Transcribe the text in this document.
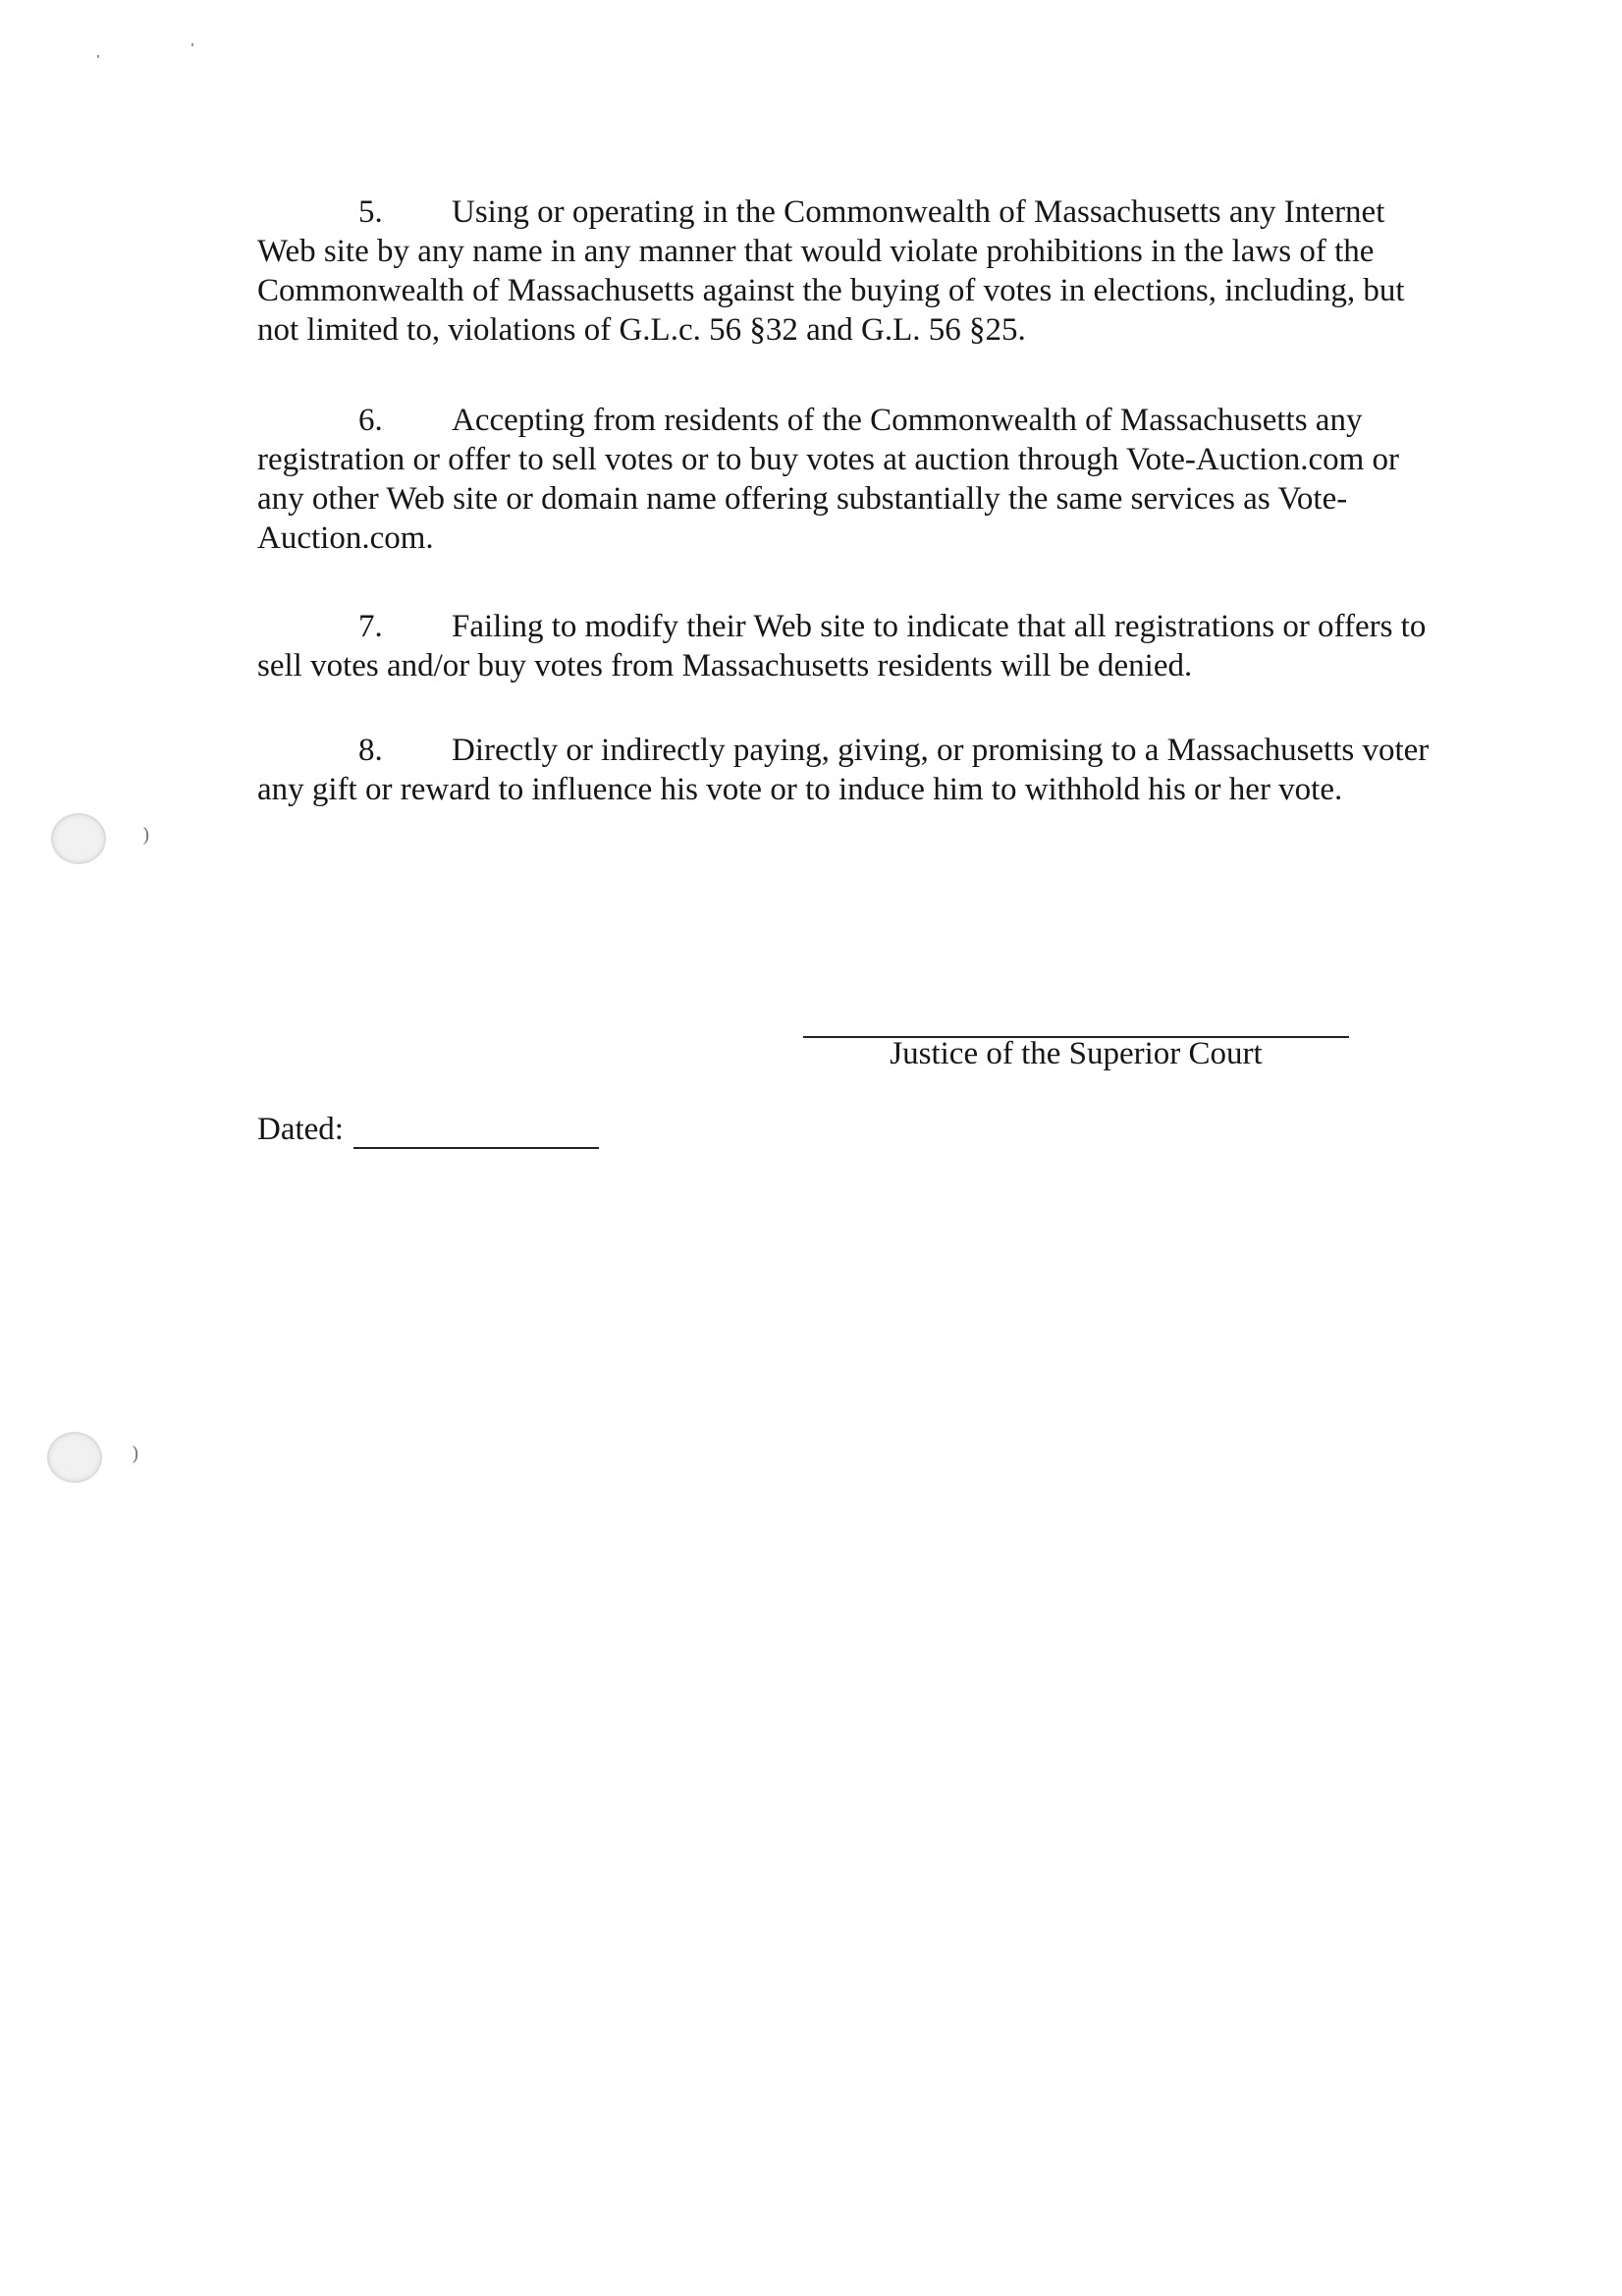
5. Using or operating in the Commonwealth of Massachusetts any Internet Web site by any name in any manner that would violate prohibitions in the laws of the Commonwealth of Massachusetts against the buying of votes in elections, including, but not limited to, violations of G.L.c. 56 §32 and G.L. 56 §25.

6. Accepting from residents of the Commonwealth of Massachusetts any registration or offer to sell votes or to buy votes at auction through Vote-Auction.com or any other Web site or domain name offering substantially the same services as Vote-Auction.com.

7. Failing to modify their Web site to indicate that all registrations or offers to sell votes and/or buy votes from Massachusetts residents will be denied.

8. Directly or indirectly paying, giving, or promising to a Massachusetts voter any gift or reward to influence his vote or to induce him to withhold his or her vote.

Justice of the Superior Court
Dated:
)
)
